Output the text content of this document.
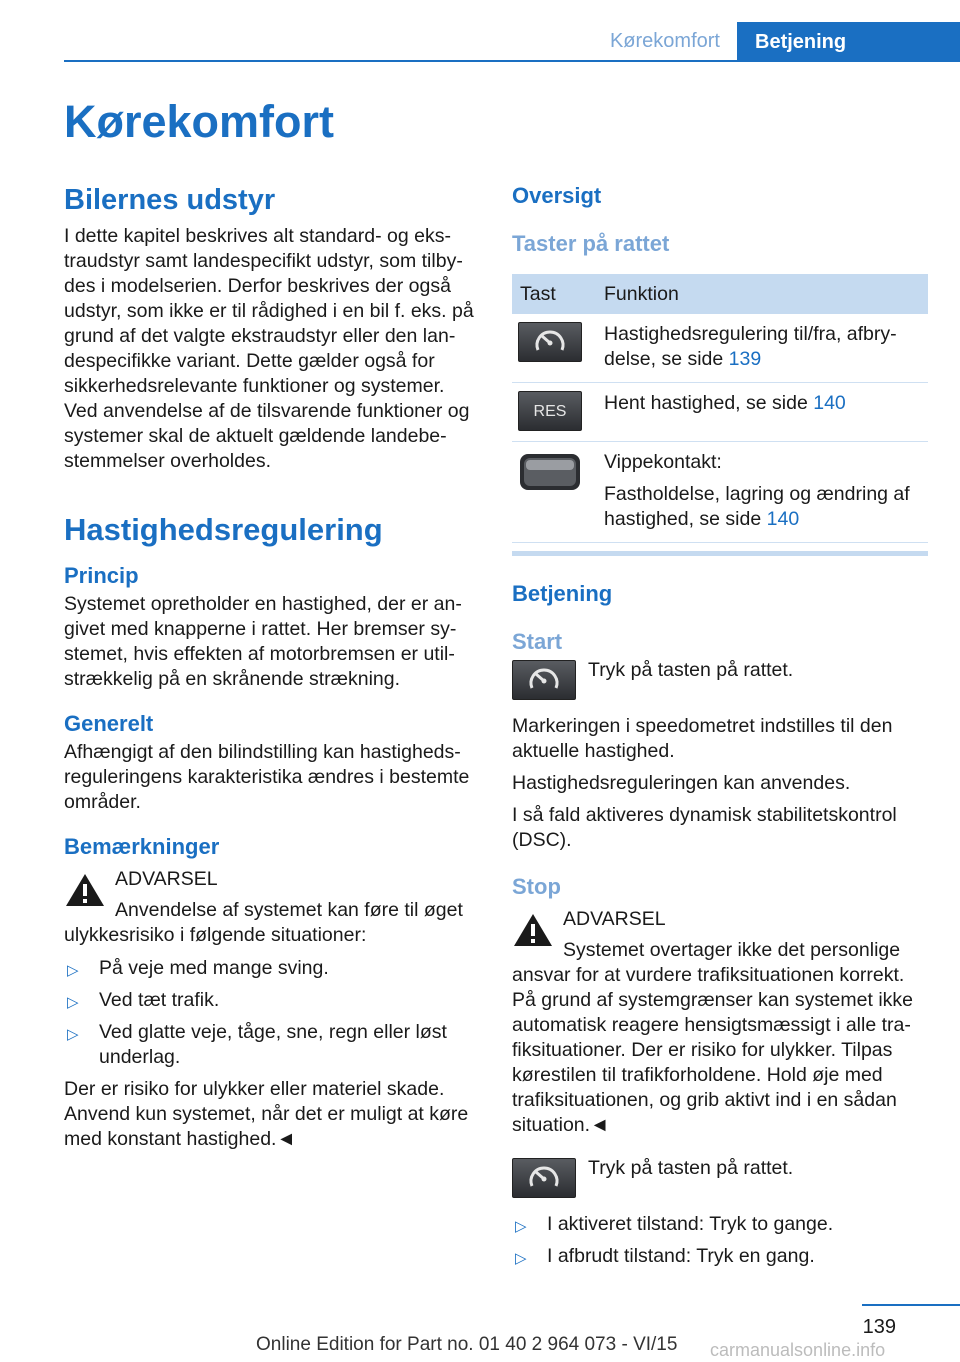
Kørekomfort	Betjening
Kørekomfort
Bilernes udstyr

I dette kapitel beskrives alt standard- og ekstraudstyr samt landespecifikt udstyr, som tilbydes i modelserien. Derfor beskrives der også udstyr, som ikke er til rådighed i en bil f. eks. på grund af det valgte ekstraudstyr eller den landespecifikke variant. Dette gælder også for sikkerhedsrelevante funktioner og systemer. Ved anvendelse af de tilsvarende funktioner og systemer skal de aktuelt gældende landebestemmelser overholdes.

Hastighedsregulering
Princip

Systemet opretholder en hastighed, der er angivet med knapperne i rattet. Her bremser systemet, hvis effekten af motorbremsen er utilstrækkelig på en skrånende strækning.

Generelt

Afhængigt af den bilindstilling kan hastighedsreguleringens karakteristika ændres i bestemte områder.

Bemærkninger
ADVARSEL

Anvendelse af systemet kan føre til øget ulykkesrisiko i følgende situationer:

▷ På veje med mange sving.
▷ Ved tæt trafik.
▷ Ved glatte veje, tåge, sne, regn eller løst underlag.

Der er risiko for ulykker eller materiel skade. Anvend kun systemet, når det er muligt at køre med konstant hastighed.◄

Oversigt
Taster på rattet
Tast	Funktion

	Hastighedsregulering til/fra, afbrydelse, se side 139

RES	Hent hastighed, se side 140

Vippekontakt:
Fastholdelse, lagring og ændring af hastighed, se side 140
Betjening
Start

Tryk på tasten på rattet.

Markeringen i speedometret indstilles til den aktuelle hastighed.

Hastighedsreguleringen kan anvendes.

I så fald aktiveres dynamisk stabilitetskontrol (DSC).

Stop
ADVARSEL

Systemet overtager ikke det personlige ansvar for at vurdere trafiksituationen korrekt. På grund af systemgrænser kan systemet ikke automatisk reagere hensigtsmæssigt i alle trafiksituationer. Der er risiko for ulykker. Tilpas kørestilen til trafikforholdene. Hold øje med trafiksituationen, og grib aktivt ind i en sådan situation.◄

Tryk på tasten på rattet.

▷ I aktiveret tilstand: Tryk to gange.
▷ I afbrudt tilstand: Tryk en gang.
139
Online Edition for Part no. 01 40 2 964 073 - VI/15 carmanualsonline.info
